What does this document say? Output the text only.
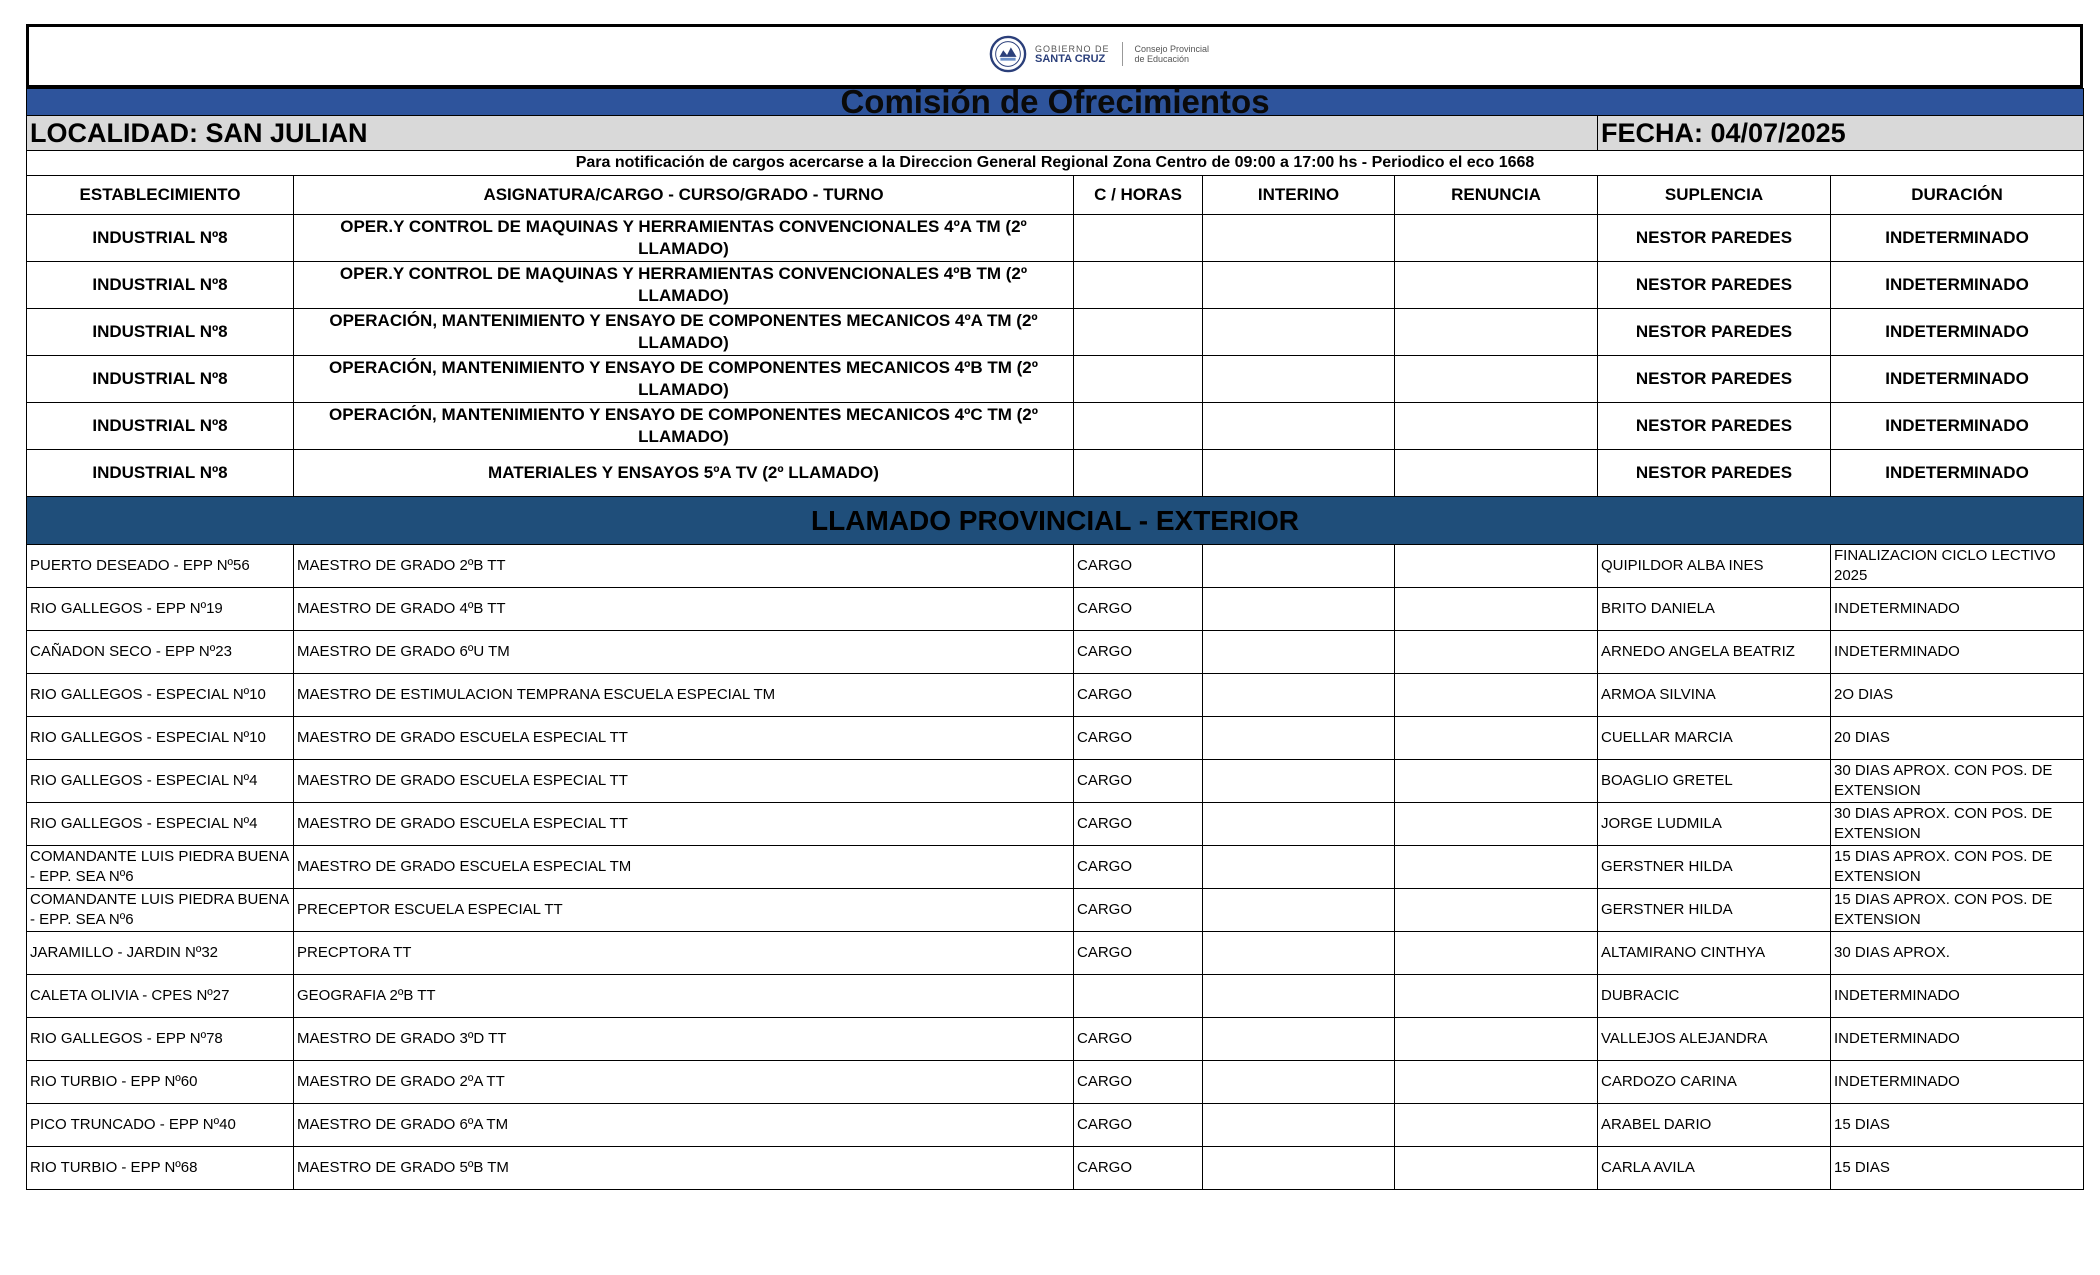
GOBIERNO DE
SANTA CRUZ
Consejo Provincial
de Educación
Comisión de Ofrecimientos						
LOCALIDAD: SAN JULIAN					FECHA: 04/07/2025	
Para notificación de cargos acercarse a la Direccion General Regional Zona Centro de 09:00 a 17:00 hs - Periodico el eco 1668						
ESTABLECIMIENTO	ASIGNATURA/CARGO - CURSO/GRADO - TURNO	C / HORAS	INTERINO	RENUNCIA	SUPLENCIA	DURACIÓN
INDUSTRIAL Nº8	OPER.Y CONTROL DE MAQUINAS Y HERRAMIENTAS CONVENCIONALES 4ºA TM (2º LLAMADO)				NESTOR PAREDES	INDETERMINADO
INDUSTRIAL Nº8	OPER.Y CONTROL DE MAQUINAS Y HERRAMIENTAS CONVENCIONALES 4ºB TM (2º LLAMADO)				NESTOR PAREDES	INDETERMINADO
INDUSTRIAL Nº8	OPERACIÓN, MANTENIMIENTO Y ENSAYO DE COMPONENTES MECANICOS 4ºA TM (2º LLAMADO)				NESTOR PAREDES	INDETERMINADO
INDUSTRIAL Nº8	OPERACIÓN, MANTENIMIENTO Y ENSAYO DE COMPONENTES MECANICOS 4ºB TM (2º LLAMADO)				NESTOR PAREDES	INDETERMINADO
INDUSTRIAL Nº8	OPERACIÓN, MANTENIMIENTO Y ENSAYO DE COMPONENTES MECANICOS 4ºC TM (2º LLAMADO)				NESTOR PAREDES	INDETERMINADO
INDUSTRIAL Nº8	MATERIALES Y ENSAYOS 5ºA TV (2º LLAMADO)				NESTOR PAREDES	INDETERMINADO
LLAMADO PROVINCIAL - EXTERIOR						
PUERTO DESEADO - EPP Nº56	MAESTRO DE GRADO 2ºB TT	CARGO			QUIPILDOR ALBA INES	FINALIZACION CICLO LECTIVO 2025
RIO GALLEGOS - EPP Nº19	MAESTRO DE GRADO 4ºB TT	CARGO			BRITO DANIELA	INDETERMINADO
CAÑADON SECO - EPP Nº23	MAESTRO DE GRADO 6ºU TM	CARGO			ARNEDO ANGELA BEATRIZ	INDETERMINADO
RIO GALLEGOS - ESPECIAL Nº10	MAESTRO DE ESTIMULACION TEMPRANA ESCUELA ESPECIAL TM	CARGO			ARMOA SILVINA	2O DIAS
RIO GALLEGOS - ESPECIAL Nº10	MAESTRO DE GRADO ESCUELA ESPECIAL TT	CARGO			CUELLAR MARCIA	20 DIAS
RIO GALLEGOS - ESPECIAL Nº4	MAESTRO DE GRADO ESCUELA ESPECIAL TT	CARGO			BOAGLIO GRETEL	30 DIAS APROX. CON POS. DE EXTENSION
RIO GALLEGOS - ESPECIAL Nº4	MAESTRO DE GRADO ESCUELA ESPECIAL TT	CARGO			JORGE LUDMILA	30 DIAS APROX. CON POS. DE EXTENSION
COMANDANTE LUIS PIEDRA BUENA - EPP. SEA Nº6	MAESTRO DE GRADO ESCUELA ESPECIAL TM	CARGO			GERSTNER HILDA	15 DIAS APROX. CON POS. DE EXTENSION
COMANDANTE LUIS PIEDRA BUENA - EPP. SEA Nº6	PRECEPTOR ESCUELA ESPECIAL TT	CARGO			GERSTNER HILDA	15 DIAS APROX. CON POS. DE EXTENSION
JARAMILLO - JARDIN Nº32	PRECPTORA TT	CARGO			ALTAMIRANO CINTHYA	30 DIAS APROX.
CALETA OLIVIA - CPES Nº27	GEOGRAFIA 2ºB TT				DUBRACIC	INDETERMINADO
RIO GALLEGOS - EPP Nº78	MAESTRO DE GRADO 3ºD TT	CARGO			VALLEJOS ALEJANDRA	INDETERMINADO
RIO TURBIO - EPP Nº60	MAESTRO DE GRADO 2ºA TT	CARGO			CARDOZO CARINA	INDETERMINADO
PICO TRUNCADO - EPP Nº40	MAESTRO DE GRADO 6ºA TM	CARGO			ARABEL DARIO	15 DIAS
RIO TURBIO - EPP Nº68	MAESTRO DE GRADO 5ºB TM	CARGO			CARLA AVILA	15 DIAS
